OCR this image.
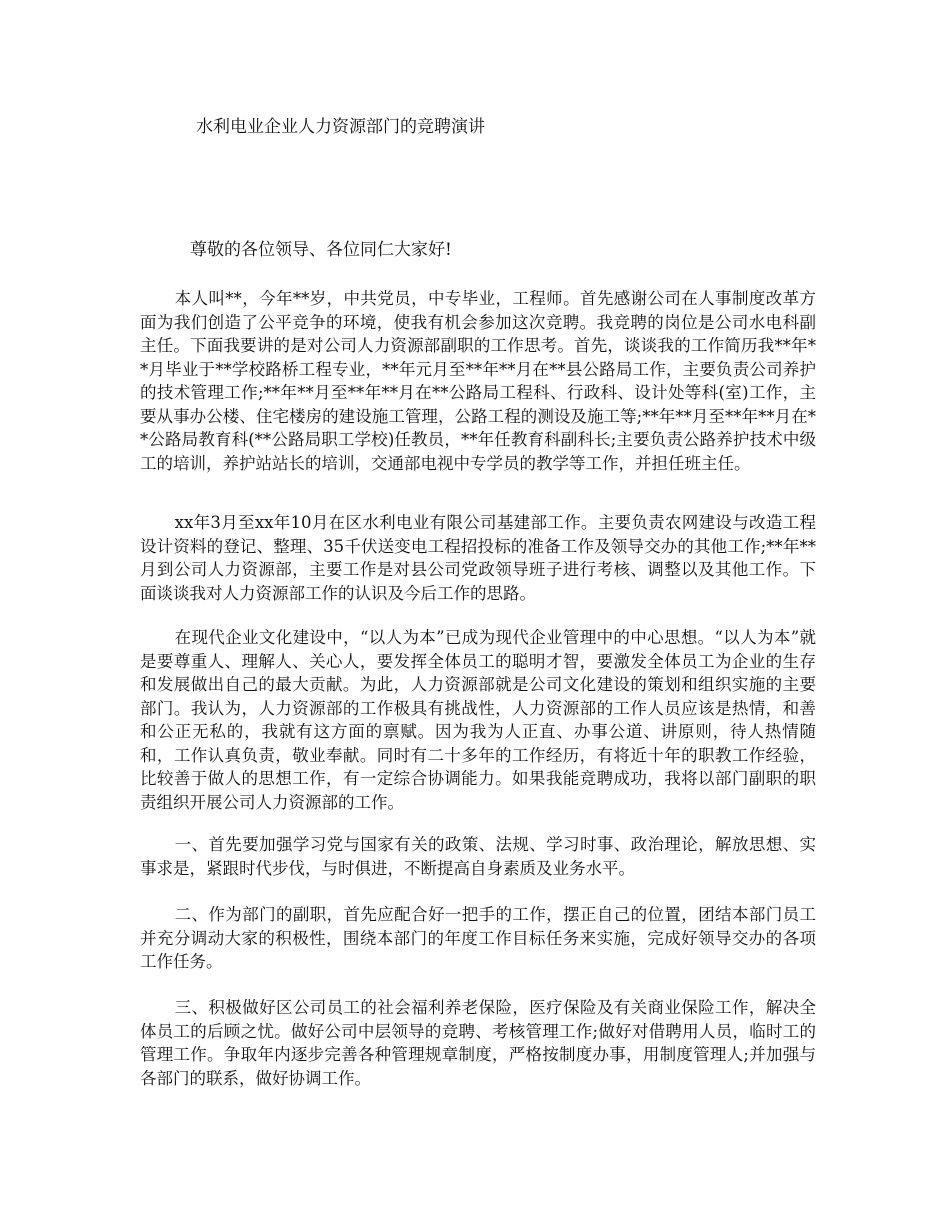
水利电业企业人力资源部门的竞聘演讲
尊敬的各位领导、各位同仁大家好!

本人叫**，今年**岁，中共党员，中专毕业，工程师。首先感谢公司在人事制度改革方面为我们创造了公平竞争的环境，使我有机会参加这次竞聘。我竞聘的岗位是公司水电科副主任。下面我要讲的是对公司人力资源部副职的工作思考。首先，谈谈我的工作简历我**年**月毕业于**学校路桥工程专业，**年元月至**年**月在**县公路局工作，主要负责公司养护的技术管理工作;**年**月至**年**月在**公路局工程科、行政科、设计处等科(室)工作，主要从事办公楼、住宅楼房的建设施工管理，公路工程的测设及施工等;**年**月至**年**月在**公路局教育科(**公路局职工学校)任教员，**年任教育科副科长;主要负责公路养护技术中级工的培训，养护站站长的培训，交通部电视中专学员的教学等工作，并担任班主任。

xx年3月至xx年10月在区水利电业有限公司基建部工作。主要负责农网建设与改造工程设计资料的登记、整理、35千伏送变电工程招投标的准备工作及领导交办的其他工作;**年**月到公司人力资源部，主要工作是对县公司党政领导班子进行考核、调整以及其他工作。下面谈谈我对人力资源部工作的认识及今后工作的思路。

在现代企业文化建设中，“以人为本”已成为现代企业管理中的中心思想。“以人为本”就是要尊重人、理解人、关心人，要发挥全体员工的聪明才智，要激发全体员工为企业的生存和发展做出自己的最大贡献。为此，人力资源部就是公司文化建设的策划和组织实施的主要部门。我认为，人力资源部的工作极具有挑战性，人力资源部的工作人员应该是热情，和善和公正无私的，我就有这方面的禀赋。因为我为人正直、办事公道、讲原则，待人热情随和，工作认真负责，敬业奉献。同时有二十多年的工作经历，有将近十年的职教工作经验，比较善于做人的思想工作，有一定综合协调能力。如果我能竞聘成功，我将以部门副职的职责组织开展公司人力资源部的工作。

一、首先要加强学习党与国家有关的政策、法规、学习时事、政治理论，解放思想、实事求是，紧跟时代步伐，与时俱进，不断提高自身素质及业务水平。

二、作为部门的副职，首先应配合好一把手的工作，摆正自己的位置，团结本部门员工并充分调动大家的积极性，围绕本部门的年度工作目标任务来实施，完成好领导交办的各项工作任务。

三、积极做好区公司员工的社会福利养老保险，医疗保险及有关商业保险工作，解决全体员工的后顾之忧。做好公司中层领导的竞聘、考核管理工作;做好对借聘用人员，临时工的管理工作。争取年内逐步完善各种管理规章制度，严格按制度办事，用制度管理人;并加强与各部门的联系，做好协调工作。
